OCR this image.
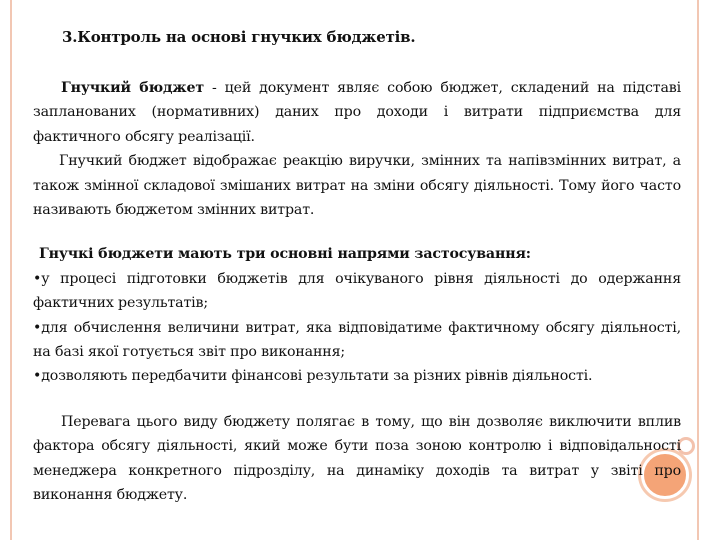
3.Контроль на основі гнучких бюджетів.

Гнучкий бюджет - цей документ являє собою бюджет, складений на підставі запланованих (нормативних) даних про доходи і витрати підприємства для фактичного обсягу реалізації.

Гнучкий бюджет відображає реакцію виручки, змінних та напівзмінних витрат, а також змінної складової змішаних витрат на зміни обсягу діяльності. Тому його часто називають бюджетом змінних витрат.

Гнучкі бюджети мають три основні напрями застосування:

•у процесі підготовки бюджетів для очікуваного рівня діяльності до одержання фактичних результатів;

•для обчислення величини витрат, яка відповідатиме фактичному обсягу діяльності, на базі якої готується звіт про виконання;

•дозволяють передбачити фінансові результати за різних рівнів діяльності.

Перевага цього виду бюджету полягає в тому, що він дозволяє виключити вплив фактора обсягу діяльності, який може бути поза зоною контролю і відповідальності менеджера конкретного підрозділу, на динаміку доходів та витрат у звіті про виконання бюджету.
